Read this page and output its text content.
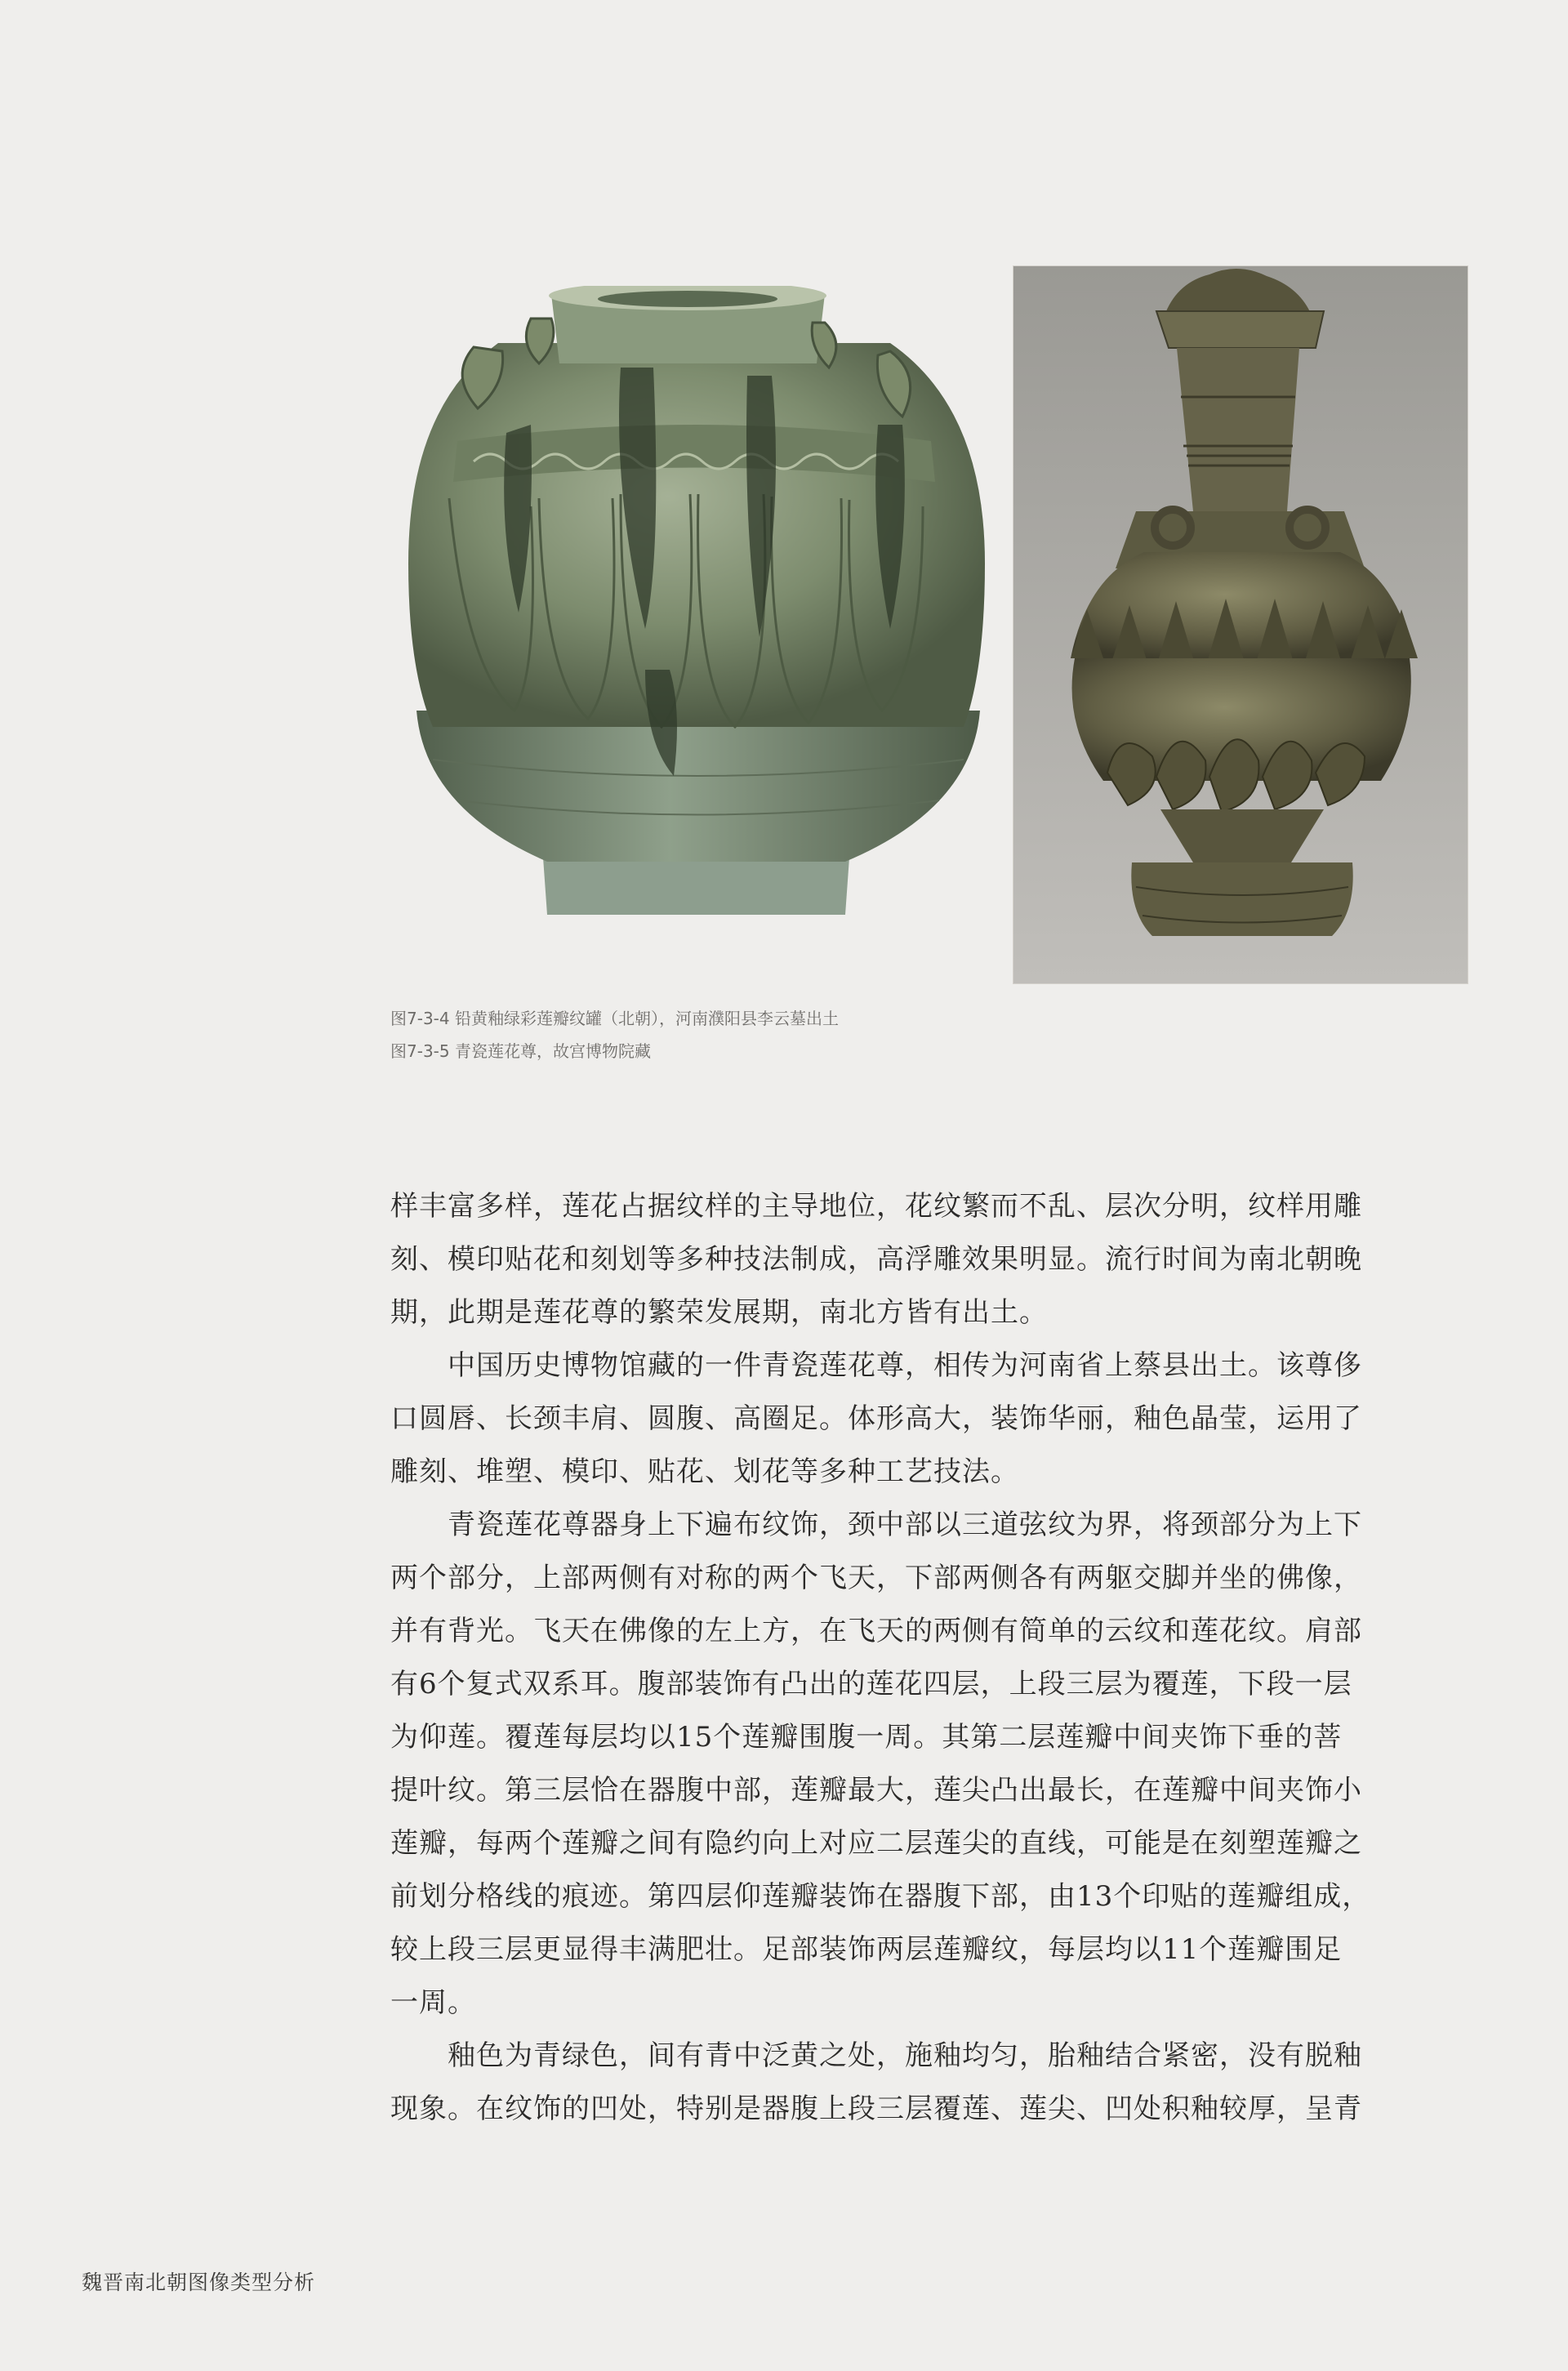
图7-3-4 铅黄釉绿彩莲瓣纹罐（北朝），河南濮阳县李云墓出土
图7-3-5 青瓷莲花尊，故宫博物院藏

样丰富多样，莲花占据纹样的主导地位，花纹繁而不乱、层次分明，纹样用雕
刻、模印贴花和刻划等多种技法制成，高浮雕效果明显。流行时间为南北朝晚
期，此期是莲花尊的繁荣发展期，南北方皆有出土。

　　中国历史博物馆藏的一件青瓷莲花尊，相传为河南省上蔡县出土。该尊侈
口圆唇、长颈丰肩、圆腹、高圈足。体形高大，装饰华丽，釉色晶莹，运用了
雕刻、堆塑、模印、贴花、划花等多种工艺技法。

　　青瓷莲花尊器身上下遍布纹饰，颈中部以三道弦纹为界，将颈部分为上下
两个部分，上部两侧有对称的两个飞天，下部两侧各有两躯交脚并坐的佛像，
并有背光。飞天在佛像的左上方，在飞天的两侧有简单的云纹和莲花纹。肩部
有6个复式双系耳。腹部装饰有凸出的莲花四层，上段三层为覆莲，下段一层
为仰莲。覆莲每层均以15个莲瓣围腹一周。其第二层莲瓣中间夹饰下垂的菩
提叶纹。第三层恰在器腹中部，莲瓣最大，莲尖凸出最长，在莲瓣中间夹饰小
莲瓣，每两个莲瓣之间有隐约向上对应二层莲尖的直线，可能是在刻塑莲瓣之
前划分格线的痕迹。第四层仰莲瓣装饰在器腹下部，由13个印贴的莲瓣组成，
较上段三层更显得丰满肥壮。足部装饰两层莲瓣纹，每层均以11个莲瓣围足
一周。

　　釉色为青绿色，间有青中泛黄之处，施釉均匀，胎釉结合紧密，没有脱釉
现象。在纹饰的凹处，特别是器腹上段三层覆莲、莲尖、凹处积釉较厚，呈青

魏晋南北朝图像类型分析
